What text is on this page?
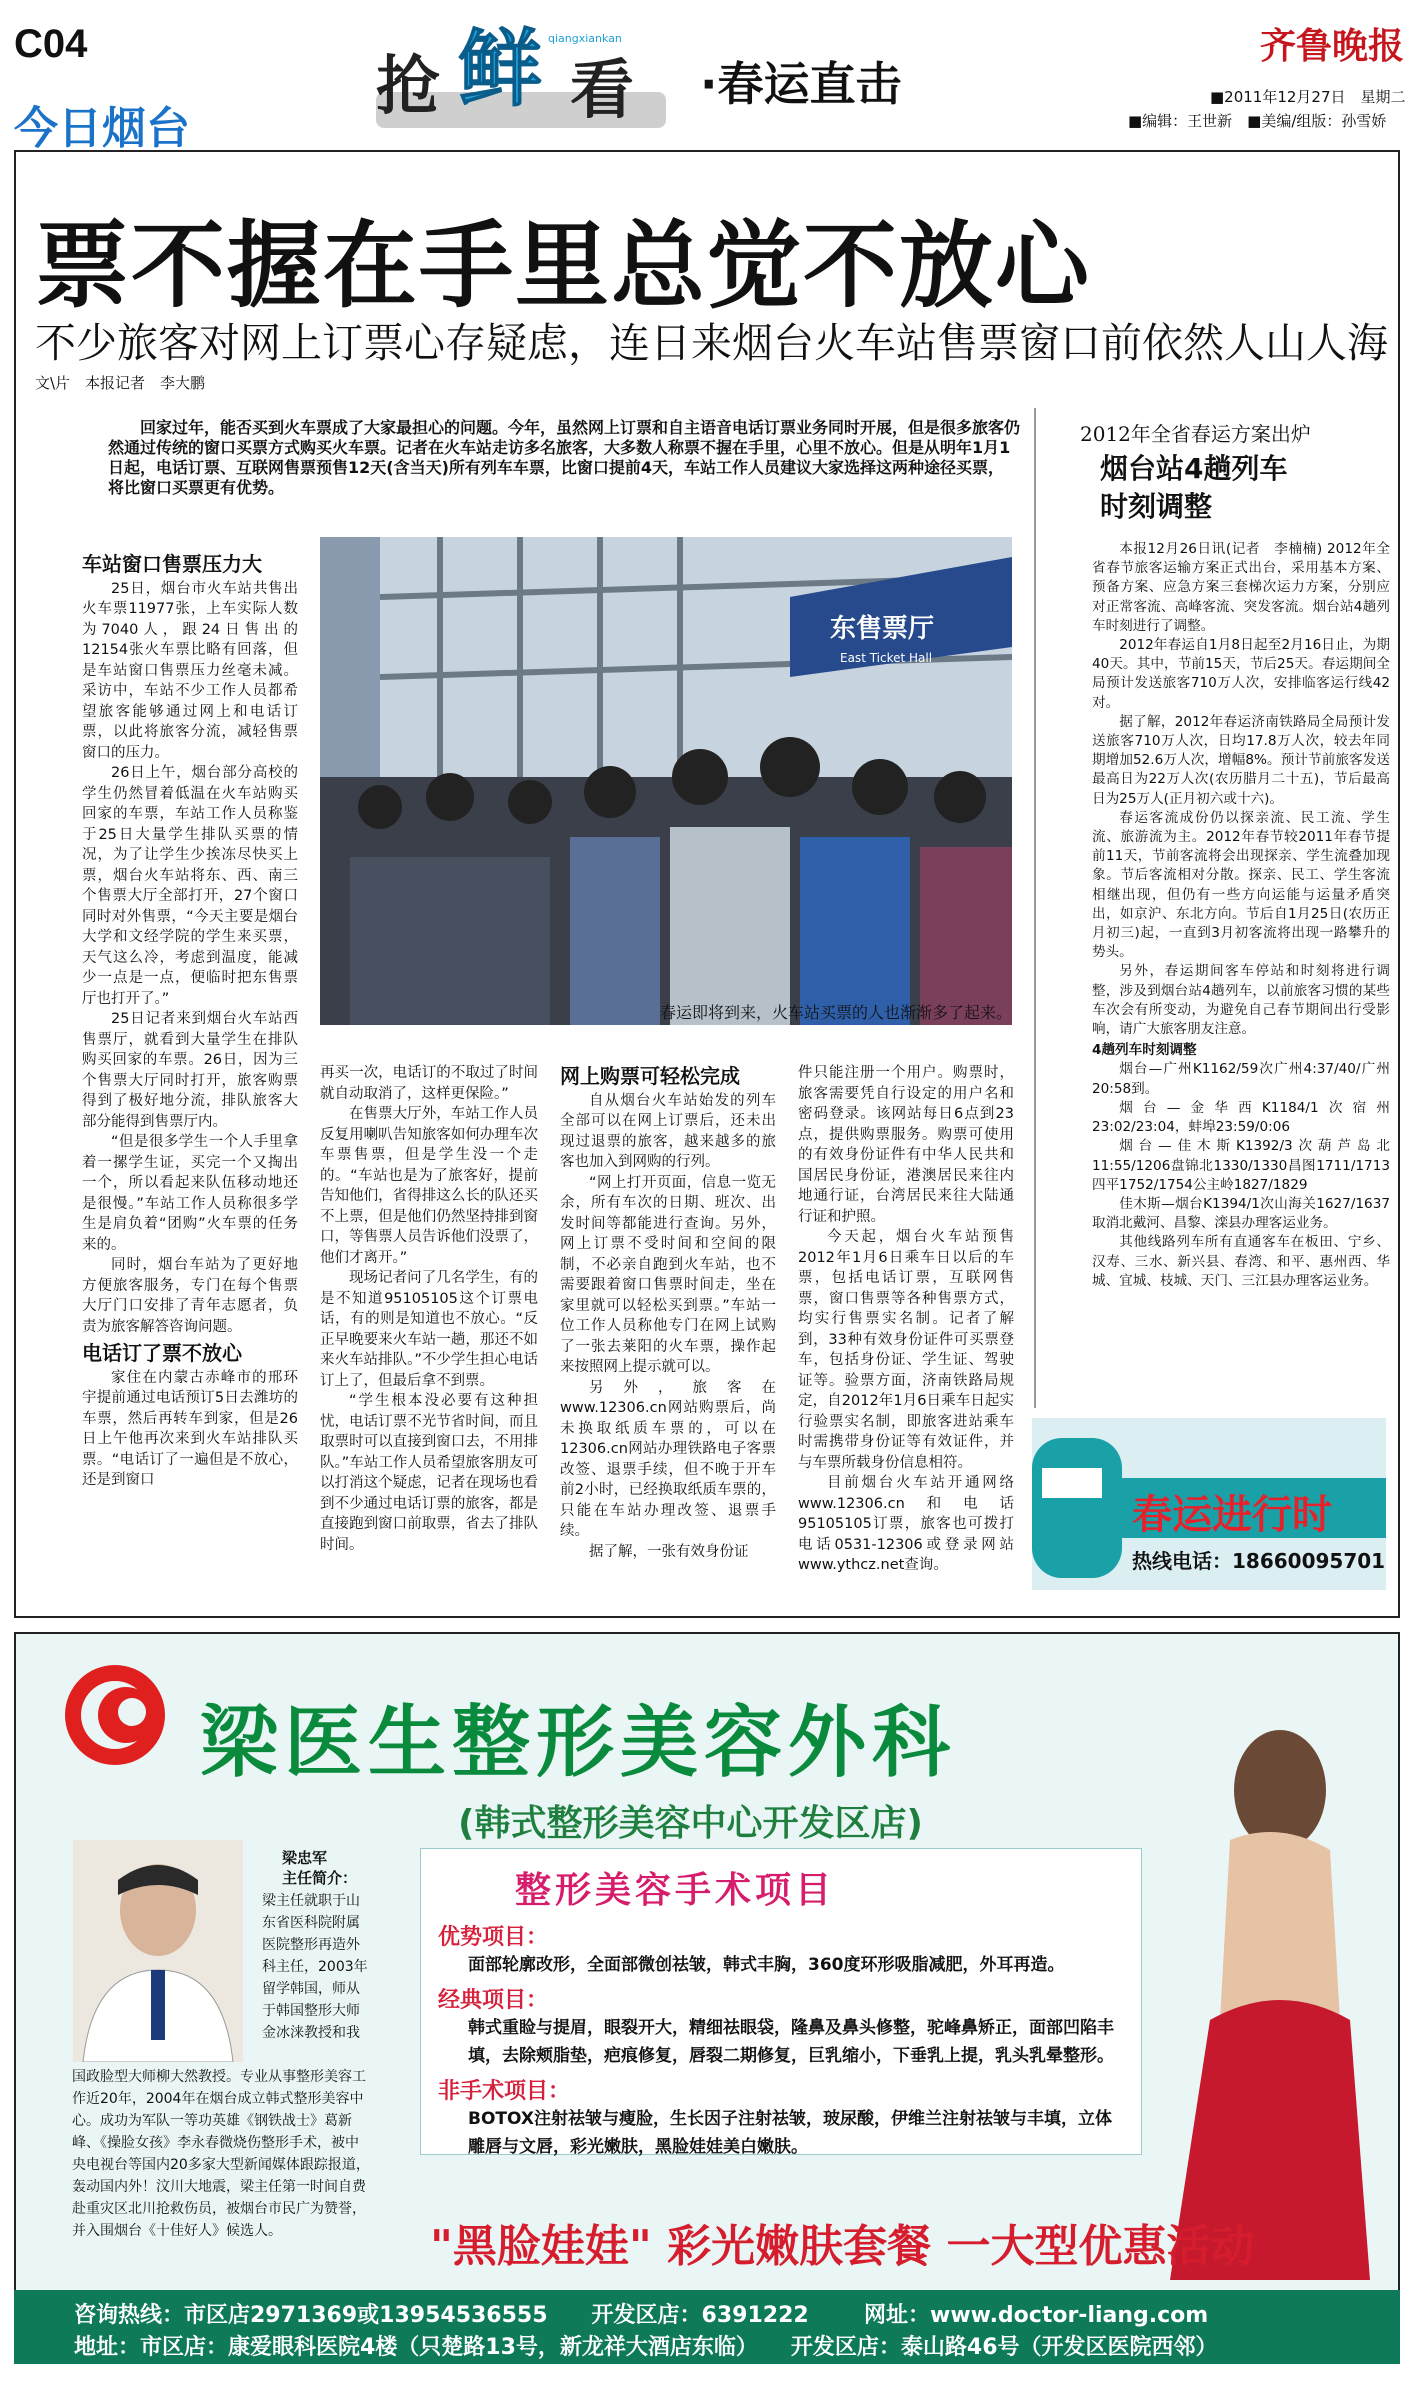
C04
今日烟台
抢 鲜 看
qiangxiankan
·春运直击
齐鲁晚报
■2011年12月27日　星期二
■编辑：王世新　■美编/组版：孙雪娇
票不握在手里总觉不放心
不少旅客对网上订票心存疑虑，连日来烟台火车站售票窗口前依然人山人海
文\片　本报记者　李大鹏
回家过年，能否买到火车票成了大家最担心的问题。今年，虽然网上订票和自主语音电话订票业务同时开展，但是很多旅客仍然通过传统的窗口买票方式购买火车票。记者在火车站走访多名旅客，大多数人称票不握在手里，心里不放心。但是从明年1月1日起，电话订票、互联网售票预售12天(含当天)所有列车车票，比窗口提前4天，车站工作人员建议大家选择这两种途径买票，将比窗口买票更有优势。
车站窗口售票压力大

25日，烟台市火车站共售出火车票11977张，上车实际人数为7040人，跟24日售出的12154张火车票比略有回落，但是车站窗口售票压力丝毫未减。采访中，车站不少工作人员都希望旅客能够通过网上和电话订票，以此将旅客分流，减轻售票窗口的压力。

26日上午，烟台部分高校的学生仍然冒着低温在火车站购买回家的车票，车站工作人员称鉴于25日大量学生排队买票的情况，为了让学生少挨冻尽快买上票，烟台火车站将东、西、南三个售票大厅全部打开，27个窗口同时对外售票，“今天主要是烟台大学和文经学院的学生来买票，天气这么冷，考虑到温度，能减少一点是一点，便临时把东售票厅也打开了。”

25日记者来到烟台火车站西售票厅，就看到大量学生在排队购买回家的车票。26日，因为三个售票大厅同时打开，旅客购票得到了极好地分流，排队旅客大部分能得到售票厅内。

“但是很多学生一个人手里拿着一摞学生证，买完一个又掏出一个，所以看起来队伍移动地还是很慢。”车站工作人员称很多学生是肩负着“团购”火车票的任务来的。

同时，烟台车站为了更好地方便旅客服务，专门在每个售票大厅门口安排了青年志愿者，负责为旅客解答咨询问题。

电话订了票不放心

家住在内蒙古赤峰市的邢环宇提前通过电话预订5日去潍坊的车票，然后再转车到家，但是26日上午他再次来到火车站排队买票。“电话订了一遍但是不放心，还是到窗口

东售票厅
East Ticket Hall
春运即将到来，火车站买票的人也渐渐多了起来。

再买一次，电话订的不取过了时间就自动取消了，这样更保险。”

在售票大厅外，车站工作人员反复用喇叭告知旅客如何办理车次车票售票，但是学生没一个走的。“车站也是为了旅客好，提前告知他们，省得排这么长的队还买不上票，但是他们仍然坚持排到窗口，等售票人员告诉他们没票了，他们才离开。”

现场记者问了几名学生，有的是不知道95105105这个订票电话，有的则是知道也不放心。“反正早晚要来火车站一趟，那还不如来火车站排队。”不少学生担心电话订上了，但最后拿不到票。

“学生根本没必要有这种担忧，电话订票不光节省时间，而且取票时可以直接到窗口去，不用排队。”车站工作人员希望旅客朋友可以打消这个疑虑，记者在现场也看到不少通过电话订票的旅客，都是直接跑到窗口前取票，省去了排队时间。

网上购票可轻松完成

自从烟台火车站始发的列车全部可以在网上订票后，还未出现过退票的旅客，越来越多的旅客也加入到网购的行列。

“网上打开页面，信息一览无余，所有车次的日期、班次、出发时间等都能进行查询。另外，网上订票不受时间和空间的限制，不必亲自跑到火车站，也不需要跟着窗口售票时间走，坐在家里就可以轻松买到票。”车站一位工作人员称他专门在网上试购了一张去莱阳的火车票，操作起来按照网上提示就可以。

另外，旅客在www.12306.cn网站购票后，尚未换取纸质车票的，可以在12306.cn网站办理铁路电子客票改签、退票手续，但不晚于开车前2小时，已经换取纸质车票的，只能在车站办理改签、退票手续。

据了解，一张有效身份证

件只能注册一个用户。购票时，旅客需要凭自行设定的用户名和密码登录。该网站每日6点到23点，提供购票服务。购票可使用的有效身份证件有中华人民共和国居民身份证，港澳居民来往内地通行证，台湾居民来往大陆通行证和护照。

今天起，烟台火车站预售2012年1月6日乘车日以后的车票，包括电话订票，互联网售票，窗口售票等各种售票方式，均实行售票实名制。记者了解到，33种有效身份证件可买票登车，包括身份证、学生证、驾驶证等。验票方面，济南铁路局规定，自2012年1月6日乘车日起实行验票实名制，即旅客进站乘车时需携带身份证等有效证件，并与车票所载身份信息相符。

目前烟台火车站开通网络www.12306.cn和电话95105105订票，旅客也可拨打电话0531-12306或登录网站www.ythcz.net查询。

2012年全省春运方案出炉
烟台站4趟列车
时刻调整

本报12月26日讯(记者　李楠楠) 2012年全省春节旅客运输方案正式出台，采用基本方案、预备方案、应急方案三套梯次运力方案，分别应对正常客流、高峰客流、突发客流。烟台站4趟列车时刻进行了调整。

2012年春运自1月8日起至2月16日止，为期40天。其中，节前15天，节后25天。春运期间全局预计发送旅客710万人次，安排临客运行线42对。

据了解，2012年春运济南铁路局全局预计发送旅客710万人次，日均17.8万人次，较去年同期增加52.6万人次，增幅8%。预计节前旅客发送最高日为22万人次(农历腊月二十五)，节后最高日为25万人(正月初六或十六)。

春运客流成份仍以探亲流、民工流、学生流、旅游流为主。2012年春节较2011年春节提前11天，节前客流将会出现探亲、学生流叠加现象。节后客流相对分散。探亲、民工、学生客流相继出现，但仍有一些方向运能与运量矛盾突出，如京沪、东北方向。节后自1月25日(农历正月初三)起，一直到3月初客流将出现一路攀升的势头。

另外，春运期间客车停站和时刻将进行调整，涉及到烟台站4趟列车，以前旅客习惯的某些车次会有所变动，为避免自己春节期间出行受影响，请广大旅客朋友注意。

4趟列车时刻调整

烟台—广州K1162/59次广州4:37/40/广州20:58到。

烟台—金华西K1184/1次宿州23:02/23:04，蚌埠23:59/0:06

烟台—佳木斯K1392/3次葫芦岛北11:55/1206盘锦北1330/1330昌图1711/1713四平1752/1754公主岭1827/1829

佳木斯—烟台K1394/1次山海关1627/1637取消北戴河、昌黎、滦县办理客运业务。

其他线路列车所有直通客车在板田、宁乡、汉寿、三水、新兴县、春湾、和平、惠州西、华城、宜城、枝城、天门、三江县办理客运业务。

春运进行时
热线电话： 18660095701
梁医生整形美容外科
(韩式整形美容中心开发区店)
梁忠军
主任简介：
梁主任就职于山东省医科院附属医院整形再造外科主任，2003年留学韩国，师从于韩国整形大师金冰涞教授和我
国政脸型大师柳大然教授。专业从事整形美容工作近20年，2004年在烟台成立韩式整形美容中心。成功为军队一等功英雄《钢铁战士》葛新峰、《操脸女孩》李永春微烧伤整形手术，被中央电视台等国内20多家大型新闻媒体跟踪报道，轰动国内外！汶川大地震，梁主任第一时间自费赴重灾区北川抢救伤员，被烟台市民广为赞誉，并入围烟台《十佳好人》候选人。
整形美容手术项目
优势项目：
面部轮廓改形，全面部微创祛皱，韩式丰胸，360度环形吸脂减肥，外耳再造。
经典项目：
韩式重睑与提眉，眼裂开大，精细祛眼袋，隆鼻及鼻头修整，驼峰鼻矫正，面部凹陷丰填，去除颊脂垫，疤痕修复，唇裂二期修复，巨乳缩小，下垂乳上提，乳头乳晕整形。
非手术项目：
BOTOX注射祛皱与瘦脸，生长因子注射祛皱，玻尿酸，伊维兰注射祛皱与丰填，立体雕唇与文唇，彩光嫩肤，黑脸娃娃美白嫩肤。
"黑脸娃娃" 彩光嫩肤套餐 一大型优惠活动
咨询热线：市区店2971369或13954536555　　开发区店：6391222	网址：www.doctor-liang.com
地址：市区店：康爱眼科医院4楼（只楚路13号，新龙祥大酒店东临）　　开发区店：泰山路46号（开发区医院西邻）
